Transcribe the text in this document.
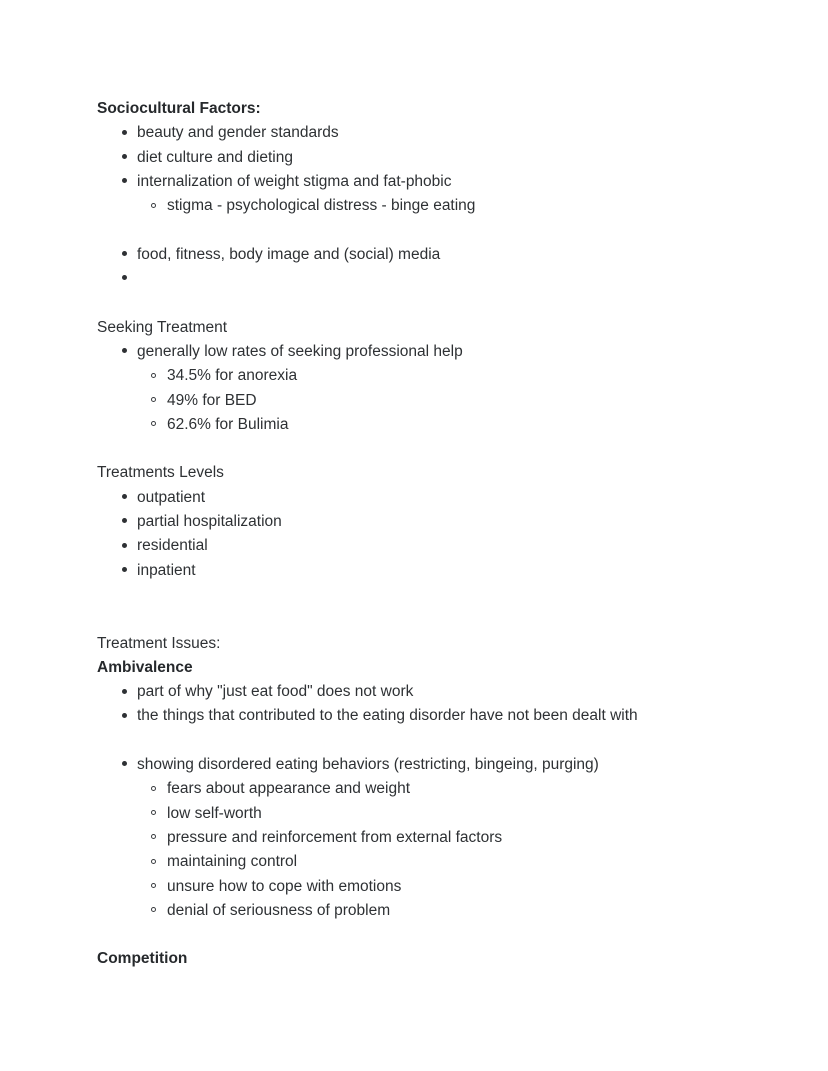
Sociocultural Factors:
beauty and gender standards
diet culture and dieting
internalization of weight stigma and fat-phobic
stigma - psychological distress - binge eating
food, fitness, body image and (social) media
Seeking Treatment
generally low rates of seeking professional help
34.5% for anorexia
49% for BED
62.6% for Bulimia
Treatments Levels
outpatient
partial hospitalization
residential
inpatient
Treatment Issues:
Ambivalence
part of why "just eat food" does not work
the things that contributed to the eating disorder have not been dealt with
showing disordered eating behaviors (restricting, bingeing, purging)
fears about appearance and weight
low self-worth
pressure and reinforcement from external factors
maintaining control
unsure how to cope with emotions
denial of seriousness of problem
Competition
